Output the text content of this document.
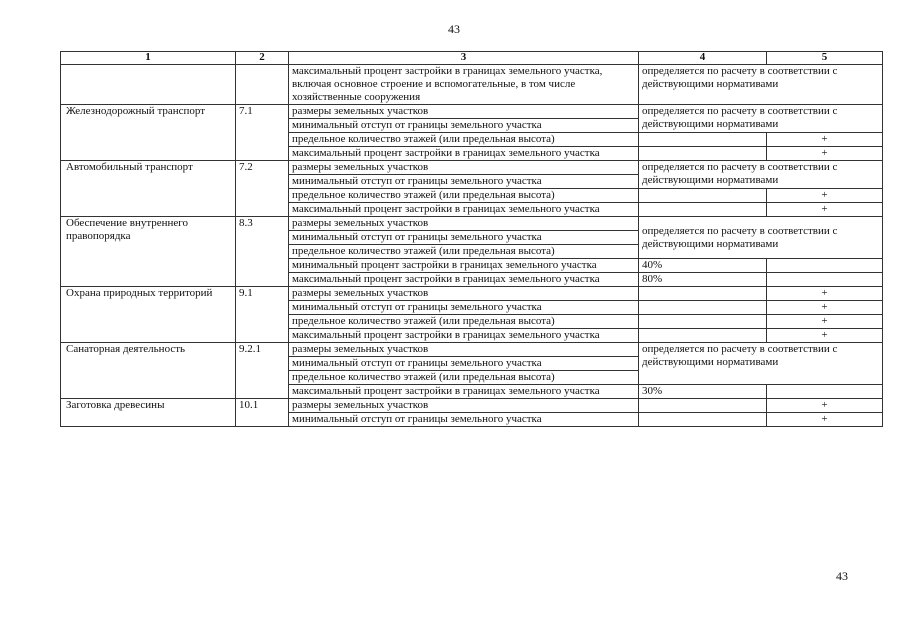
43
1	2	3	4	5
		максимальный процент застройки в границах земельного участка, включая основное строение и вспомогательные, в том числе хозяйственные сооружения	определяется по расчету в соответствии с действующими нормативами	
Железнодорожный транспорт	7.1	размеры земельных участков	определяется по расчету в соответствии с действующими нормативами	
		минимальный отступ от границы земельного участка		
		предельное количество этажей (или предельная высота)		+
		максимальный процент застройки в границах земельного участка		+
Автомобильный транспорт	7.2	размеры земельных участков	определяется по расчету в соответствии с действующими нормативами	
		минимальный отступ от границы земельного участка		
		предельное количество этажей (или предельная высота)		+
		максимальный процент застройки в границах земельного участка		+
Обеспечение внутреннего правопорядка	8.3	размеры земельных участков	определяется по расчету в соответствии с действующими нормативами	
		минимальный отступ от границы земельного участка		
		предельное количество этажей (или предельная высота)		
		минимальный процент застройки в границах земельного участка	40%	
		максимальный процент застройки в границах земельного участка	80%	
Охрана природных территорий	9.1	размеры земельных участков		+
		минимальный отступ от границы земельного участка		+
		предельное количество этажей (или предельная высота)		+
		максимальный процент застройки в границах земельного участка		+
Санаторная деятельность	9.2.1	размеры земельных участков	определяется по расчету в соответствии с действующими нормативами	
		минимальный отступ от границы земельного участка		
		предельное количество этажей (или предельная высота)		
		максимальный процент застройки в границах земельного участка	30%	
Заготовка древесины	10.1	размеры земельных участков		+
		минимальный отступ от границы земельного участка		+
43
